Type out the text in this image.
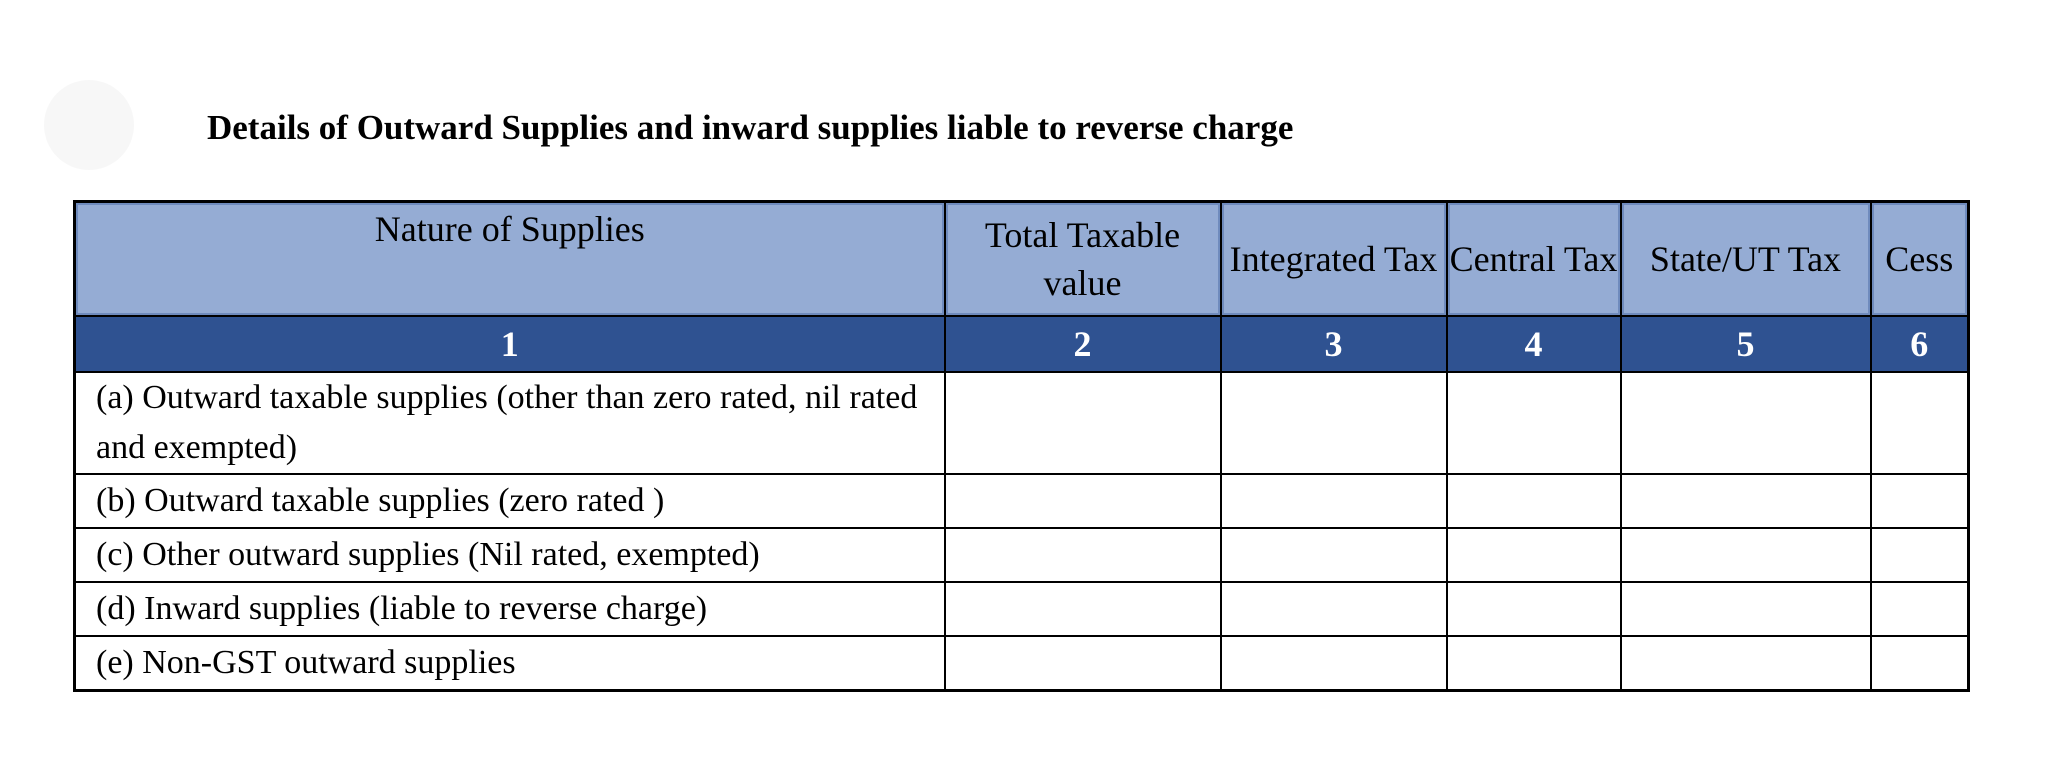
Details of Outward Supplies and inward supplies liable to reverse charge
Nature of Supplies	Total Taxable value	Integrated Tax	Central Tax	State/UT Tax	Cess
1	2	3	4	5	6
(a) Outward taxable supplies (other than zero rated, nil rated and exempted)					
(b) Outward taxable supplies (zero rated )					
(c) Other outward supplies (Nil rated, exempted)					
(d) Inward supplies (liable to reverse charge)					
(e) Non-GST outward supplies					
